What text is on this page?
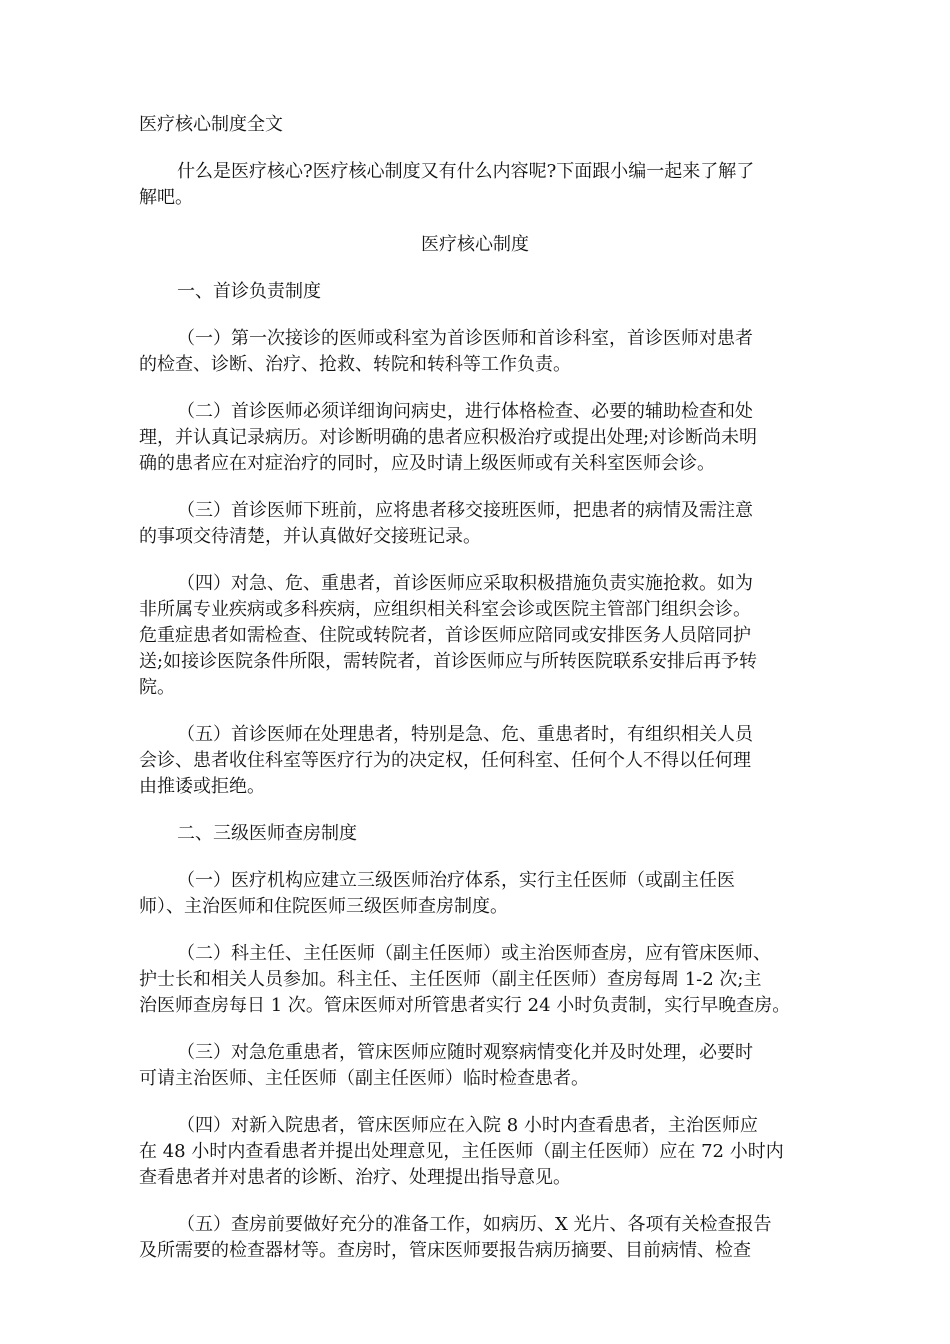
医疗核心制度全文

什么是医疗核心?医疗核心制度又有什么内容呢?下面跟小编一起来了解了

解吧。

医疗核心制度

一、首诊负责制度

（一）第一次接诊的医师或科室为首诊医师和首诊科室，首诊医师对患者

的检查、诊断、治疗、抢救、转院和转科等工作负责。

（二）首诊医师必须详细询问病史，进行体格检查、必要的辅助检查和处

理，并认真记录病历。对诊断明确的患者应积极治疗或提出处理;对诊断尚未明

确的患者应在对症治疗的同时，应及时请上级医师或有关科室医师会诊。

（三）首诊医师下班前，应将患者移交接班医师，把患者的病情及需注意

的事项交待清楚，并认真做好交接班记录。

（四）对急、危、重患者，首诊医师应采取积极措施负责实施抢救。如为

非所属专业疾病或多科疾病，应组织相关科室会诊或医院主管部门组织会诊。

危重症患者如需检查、住院或转院者，首诊医师应陪同或安排医务人员陪同护

送;如接诊医院条件所限，需转院者，首诊医师应与所转医院联系安排后再予转

院。

（五）首诊医师在处理患者，特别是急、危、重患者时，有组织相关人员

会诊、患者收住科室等医疗行为的决定权，任何科室、任何个人不得以任何理

由推诿或拒绝。

二、三级医师查房制度

（一）医疗机构应建立三级医师治疗体系，实行主任医师（或副主任医

师）、主治医师和住院医师三级医师查房制度。

（二）科主任、主任医师（副主任医师）或主治医师查房，应有管床医师、

护士长和相关人员参加。科主任、主任医师（副主任医师）查房每周 1-2 次;主

治医师查房每日 1 次。管床医师对所管患者实行 24 小时负责制，实行早晚查房。

（三）对急危重患者，管床医师应随时观察病情变化并及时处理，必要时

可请主治医师、主任医师（副主任医师）临时检查患者。

（四）对新入院患者，管床医师应在入院 8 小时内查看患者，主治医师应

在 48 小时内查看患者并提出处理意见，主任医师（副主任医师）应在 72 小时内

查看患者并对患者的诊断、治疗、处理提出指导意见。

（五）查房前要做好充分的准备工作，如病历、X 光片、各项有关检查报告

及所需要的检查器材等。查房时，管床医师要报告病历摘要、目前病情、检查
